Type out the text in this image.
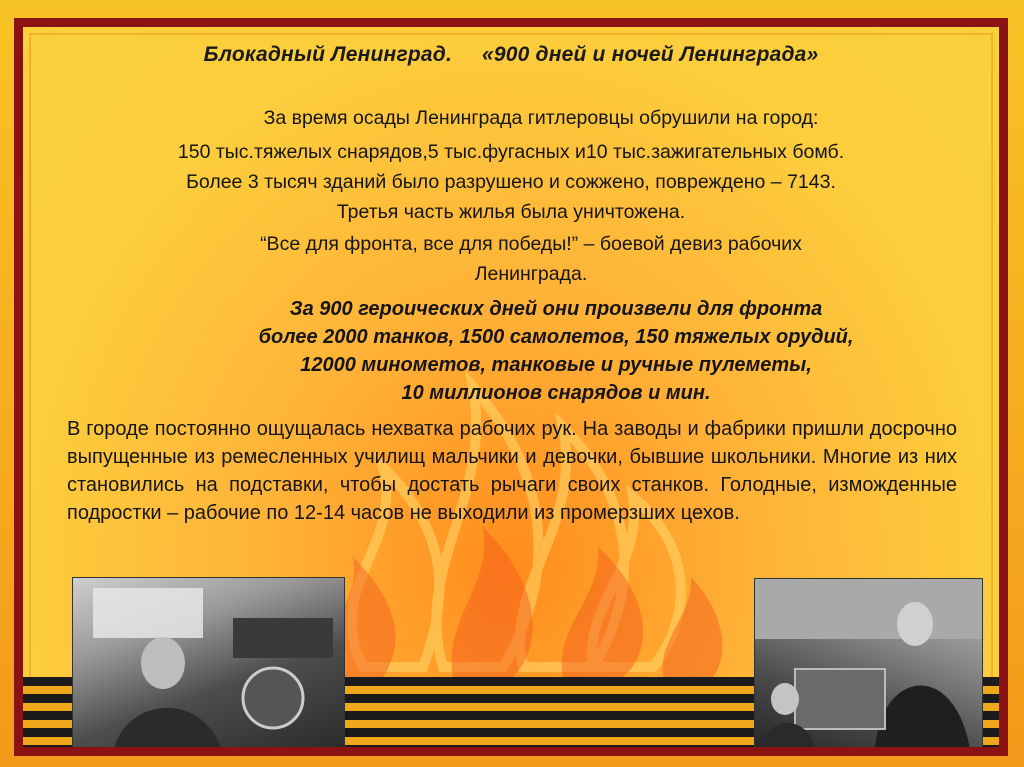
Блокадный Ленинград. «900 дней и ночей Ленинграда»

За время осады Ленинграда гитлеровцы обрушили на город:

150 тыс.тяжелых снарядов,5 тыс.фугасных и10 тыс.зажигательных бомб.

Более 3 тысяч зданий было разрушено и сожжено, повреждено – 7143.

Третья часть жилья была уничтожена.

“Все для фронта, все для победы!” – боевой девиз рабочих

Ленинграда.

За 900 героических дней они произвели для фронта
более 2000 танков, 1500 самолетов, 150 тяжелых орудий,
12000 минометов, танковые и ручные пулеметы,
10 миллионов снарядов и мин.
В городе постоянно ощущалась нехватка рабочих рук. На заводы и фабрики пришли досрочно выпущенные из ремесленных училищ мальчики и девочки, бывшие школьники. Многие из них становились на подставки, чтобы достать рычаги своих станков. Голодные, изможденные подростки – рабочие по 12-14 часов не выходили из промерзших цехов.
